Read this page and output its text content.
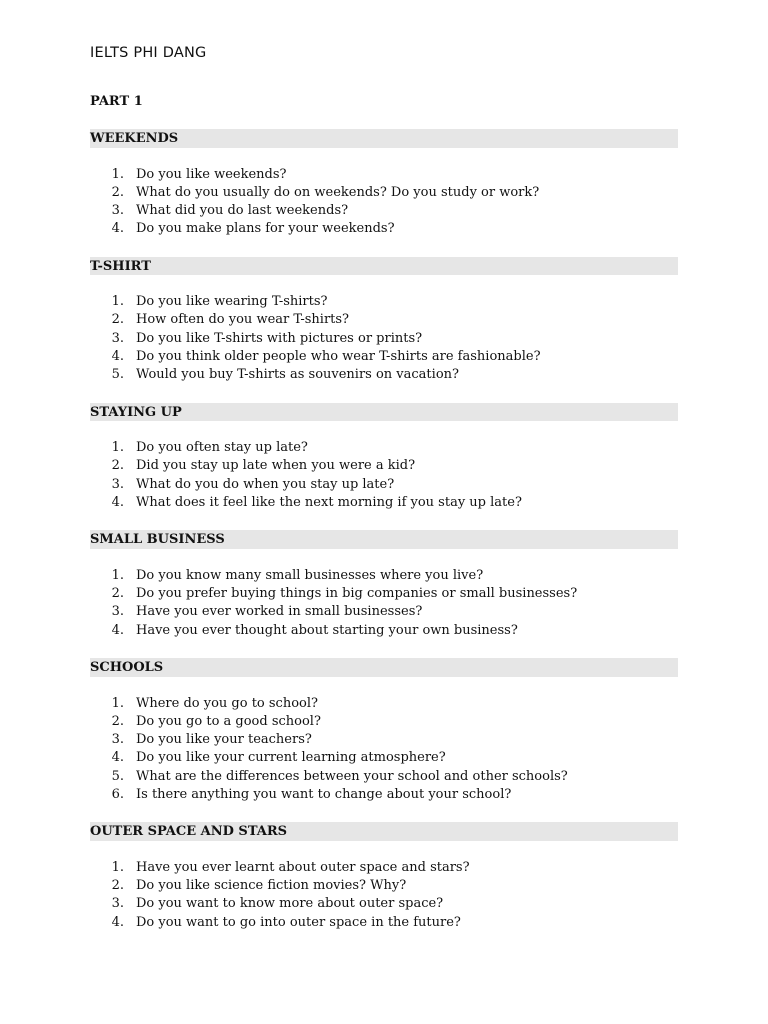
IELTS PHI DANG
PART 1
WEEKENDS
1. Do you like weekends?
2. What do you usually do on weekends? Do you study or work?
3. What did you do last weekends?
4. Do you make plans for your weekends?
T-SHIRT
1. Do you like wearing T-shirts?
2. How often do you wear T-shirts?
3. Do you like T-shirts with pictures or prints?
4. Do you think older people who wear T-shirts are fashionable?
5. Would you buy T-shirts as souvenirs on vacation?
STAYING UP
1. Do you often stay up late?
2. Did you stay up late when you were a kid?
3. What do you do when you stay up late?
4. What does it feel like the next morning if you stay up late?
SMALL BUSINESS
1. Do you know many small businesses where you live?
2. Do you prefer buying things in big companies or small businesses?
3. Have you ever worked in small businesses?
4. Have you ever thought about starting your own business?
SCHOOLS
1. Where do you go to school?
2. Do you go to a good school?
3. Do you like your teachers?
4. Do you like your current learning atmosphere?
5. What are the differences between your school and other schools?
6. Is there anything you want to change about your school?
OUTER SPACE AND STARS
1. Have you ever learnt about outer space and stars?
2. Do you like science fiction movies? Why?
3. Do you want to know more about outer space?
4. Do you want to go into outer space in the future?
